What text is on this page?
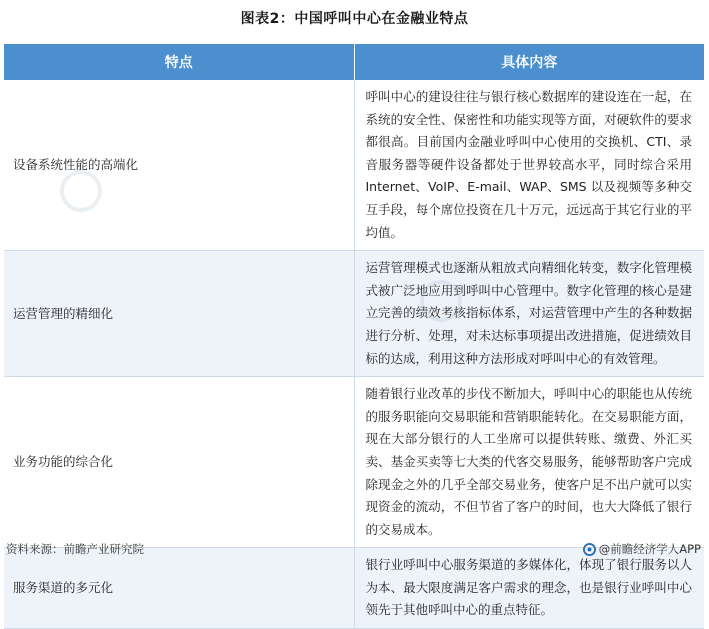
图表2：中国呼叫中心在金融业特点
特点	具体内容
设备系统性能的高端化	呼叫中心的建设往往与银行核心数据库的建设连在一起，在系统的安全性、保密性和功能实现等方面，对硬软件的要求都很高。目前国内金融业呼叫中心使用的交换机、CTI、录音服务器等硬件设备都处于世界较高水平，同时综合采用 Internet、VoIP、E-mail、WAP、SMS 以及视频等多种交互手段，每个席位投资在几十万元，远远高于其它行业的平均值。
运营管理的精细化	运营管理模式也逐渐从粗放式向精细化转变，数字化管理模式被广泛地应用到呼叫中心管理中。数字化管理的核心是建立完善的绩效考核指标体系，对运营管理中产生的各种数据进行分析、处理，对未达标事项提出改进措施，促进绩效目标的达成，利用这种方法形成对呼叫中心的有效管理。
业务功能的综合化	随着银行业改革的步伐不断加大，呼叫中心的职能也从传统的服务职能向交易职能和营销职能转化。在交易职能方面，现在大部分银行的人工坐席可以提供转账、缴费、外汇买卖、基金买卖等七大类的代客交易服务，能够帮助客户完成除现金之外的几乎全部交易业务，使客户足不出户就可以实现资金的流动，不但节省了客户的时间，也大大降低了银行的交易成本。
服务渠道的多元化	银行业呼叫中心服务渠道的多媒体化，体现了银行服务以人为本、最大限度满足客户需求的理念，也是银行业呼叫中心领先于其他呼叫中心的重点特征。
资料来源：前瞻产业研究院	@前瞻经济学人APP
